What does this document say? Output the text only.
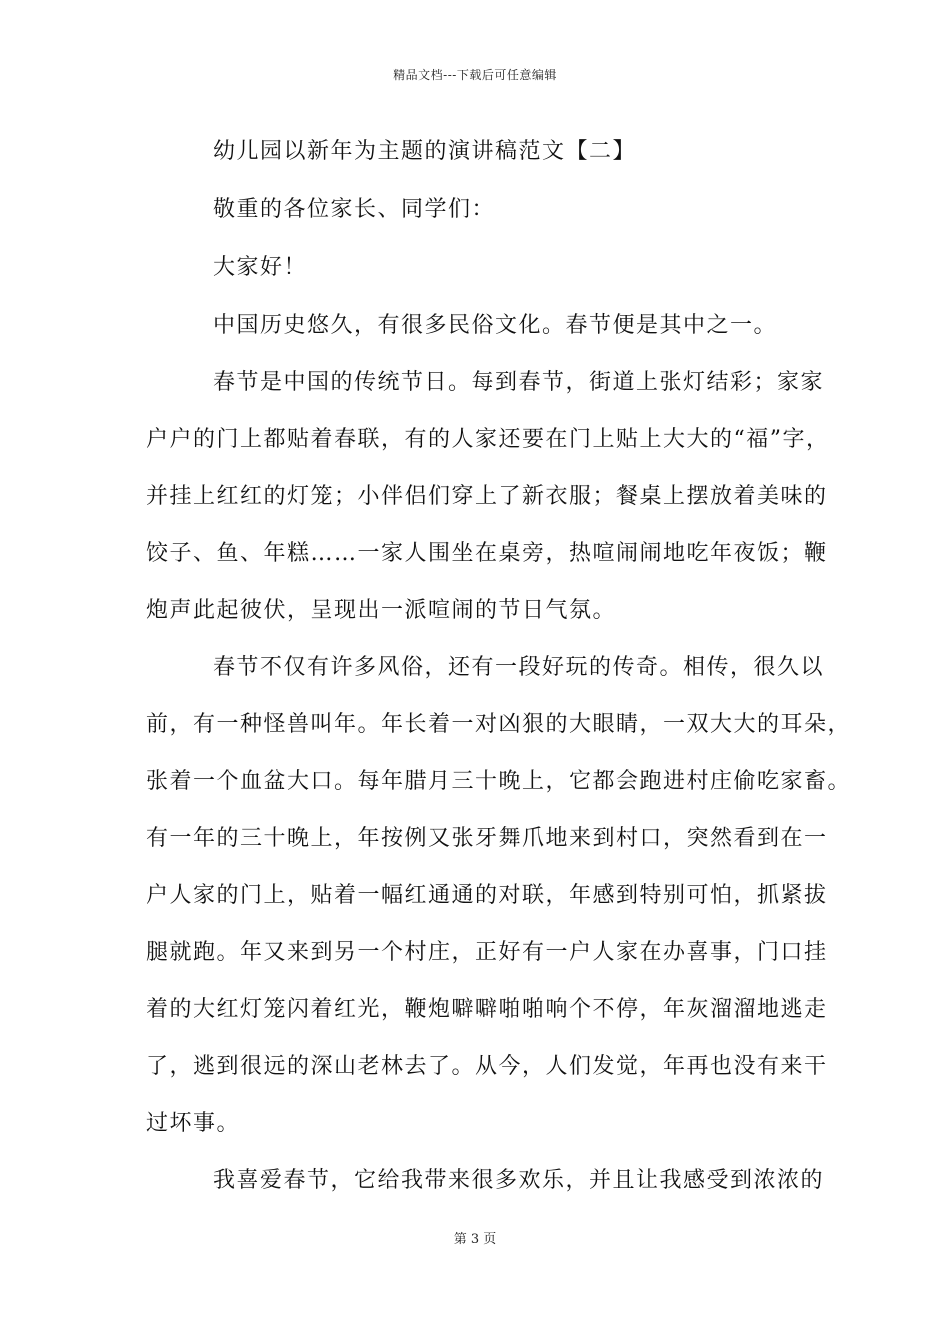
精品文档---下载后可任意编辑
幼儿园以新年为主题的演讲稿范文【二】
敬重的各位家长、同学们：
大家好！
中国历史悠久，有很多民俗文化。春节便是其中之一。
春节是中国的传统节日。每到春节，街道上张灯结彩；家家
户户的门上都贴着春联，有的人家还要在门上贴上大大的“福”字，
并挂上红红的灯笼；小伴侣们穿上了新衣服；餐桌上摆放着美味的
饺子、鱼、年糕……一家人围坐在桌旁，热喧闹闹地吃年夜饭；鞭
炮声此起彼伏，呈现出一派喧闹的节日气氛。
春节不仅有许多风俗，还有一段好玩的传奇。相传，很久以
前，有一种怪兽叫年。年长着一对凶狠的大眼睛，一双大大的耳朵，
张着一个血盆大口。每年腊月三十晚上，它都会跑进村庄偷吃家畜。
有一年的三十晚上，年按例又张牙舞爪地来到村口，突然看到在一
户人家的门上，贴着一幅红通通的对联，年感到特别可怕，抓紧拔
腿就跑。年又来到另一个村庄，正好有一户人家在办喜事，门口挂
着的大红灯笼闪着红光，鞭炮噼噼啪啪响个不停，年灰溜溜地逃走
了，逃到很远的深山老林去了。从今，人们发觉，年再也没有来干
过坏事。
我喜爱春节，它给我带来很多欢乐，并且让我感受到浓浓的
第 3 页
